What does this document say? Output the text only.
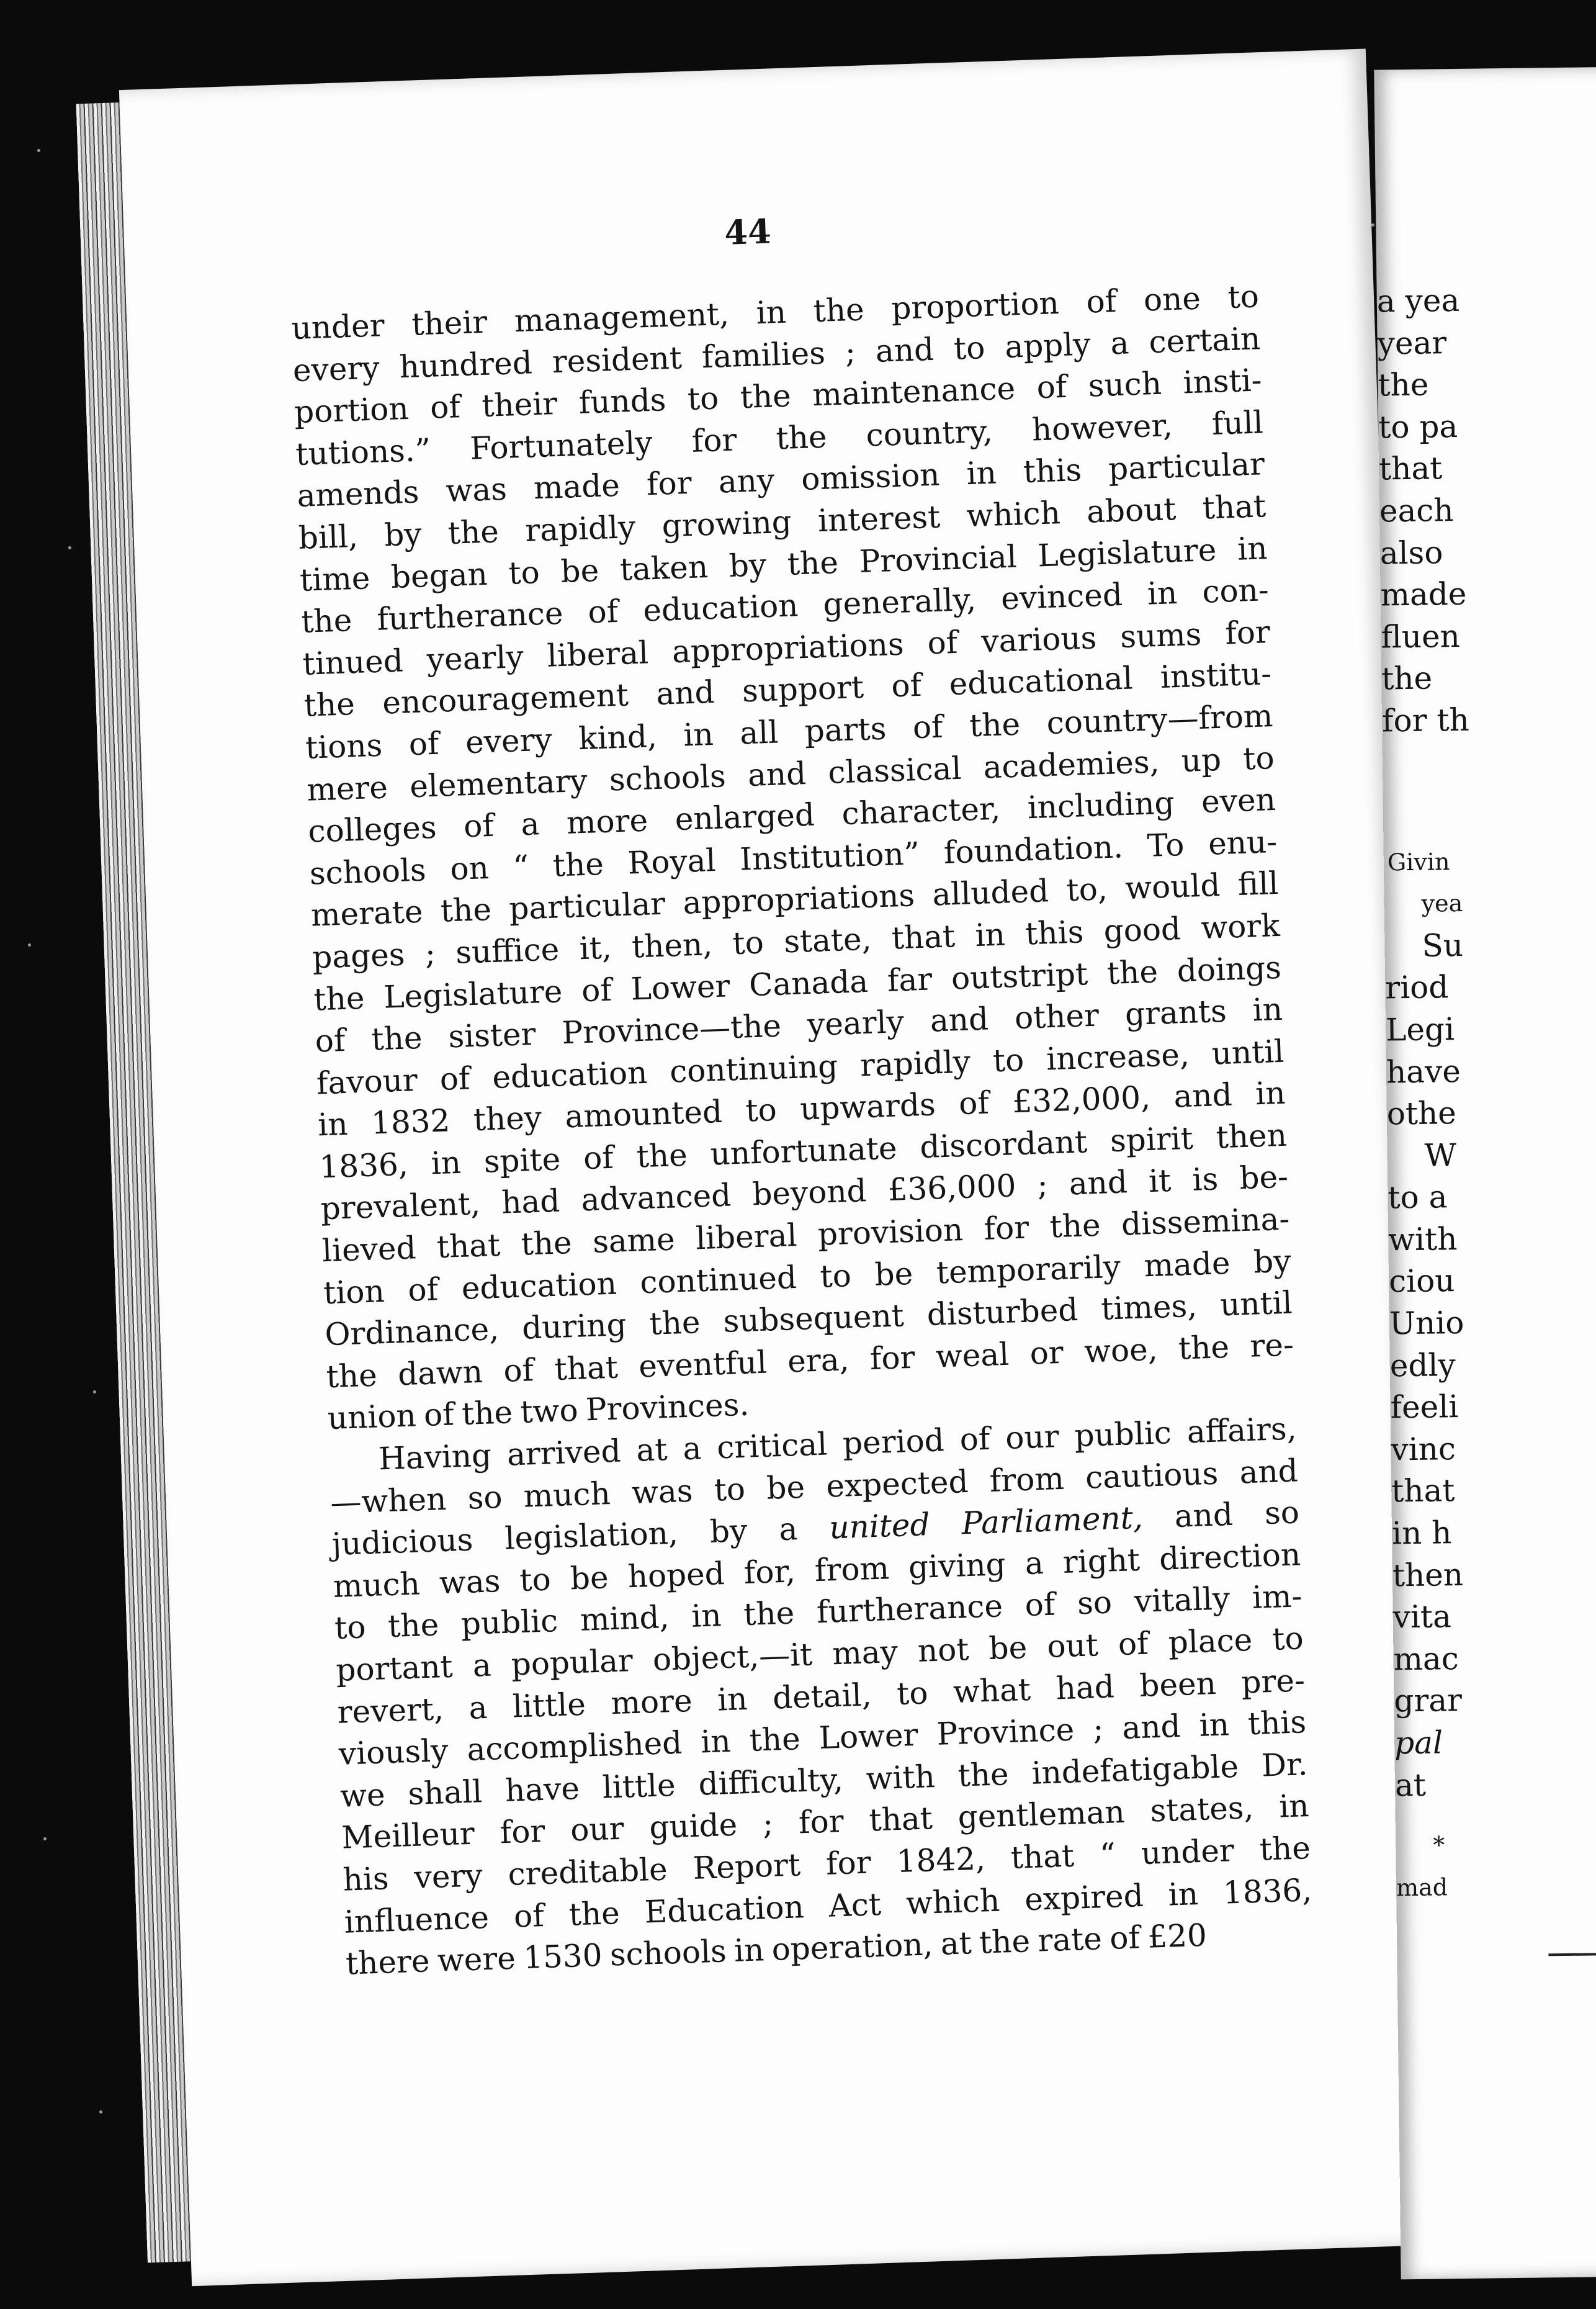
44
under their management, in the proportion of one to
every hundred resident families ; and to apply a certain
portion of their funds to the maintenance of such insti-
tutions.” Fortunately for the country, however, full
amends was made for any omission in this particular
bill, by the rapidly growing interest which about that
time began to be taken by the Provincial Legislature in
the furtherance of education generally, evinced in con-
tinued yearly liberal appropriations of various sums for
the encouragement and support of educational institu-
tions of every kind, in all parts of the country—from
mere elementary schools and classical academies, up to
colleges of a more enlarged character, including even
schools on “ the Royal Institution” foundation. To enu-
merate the particular appropriations alluded to, would fill
pages ; suffice it, then, to state, that in this good work
the Legislature of Lower Canada far outstript the doings
of the sister Province—the yearly and other grants in
favour of education continuing rapidly to increase, until
in 1832 they amounted to upwards of £32,000, and in
1836, in spite of the unfortunate discordant spirit then
prevalent, had advanced beyond £36,000 ; and it is be-
lieved that the same liberal provision for the dissemina-
tion of education continued to be temporarily made by
Ordinance, during the subsequent disturbed times, until
the dawn of that eventful era, for weal or woe, the re-
union of the two Provinces.
Having arrived at a critical period of our public affairs,
—when so much was to be expected from cautious and
judicious legislation, by a united Parliament, and so
much was to be hoped for, from giving a right direction
to the public mind, in the furtherance of so vitally im-
portant a popular object,—it may not be out of place to
revert, a little more in detail, to what had been pre-
viously accomplished in the Lower Province ; and in this
we shall have little difficulty, with the indefatigable Dr.
Meilleur for our guide ; for that gentleman states, in
his very creditable Report for 1842, that “ under the
influence of the Education Act which expired in 1836,
there were 1530 schools in operation, at the rate of £20
a yea
year
the
to pa
that
each
also
made
fluen
the
for th
Givin
yea
Su
riod
Legi
have
othe
W
to a
with
ciou
Unio
edly
feeli
vinc
that
in h
then
vita
mac
grar
pal
at
*
mad
